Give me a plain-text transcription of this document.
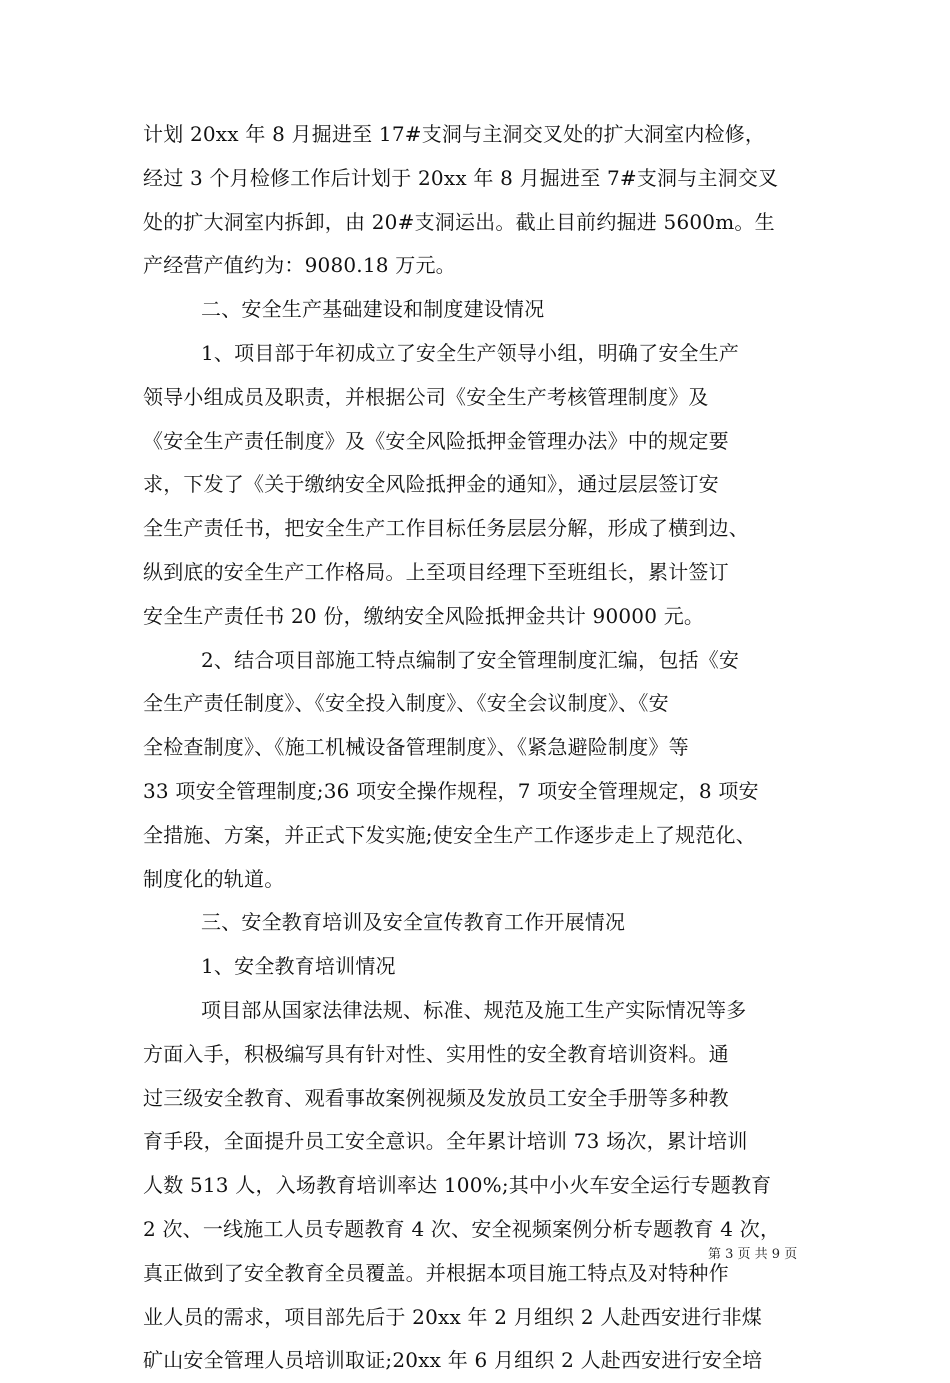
计划 20xx 年 8 月掘进至 17#支洞与主洞交叉处的扩大洞室内检修，
经过 3 个月检修工作后计划于 20xx 年 8 月掘进至 7#支洞与主洞交叉
处的扩大洞室内拆卸，由 20#支洞运出。截止目前约掘进 5600m。生
产经营产值约为：9080.18 万元。
二、安全生产基础建设和制度建设情况
1、项目部于年初成立了安全生产领导小组，明确了安全生产
领导小组成员及职责，并根据公司《安全生产考核管理制度》及
《安全生产责任制度》及《安全风险抵押金管理办法》中的规定要
求，下发了《关于缴纳安全风险抵押金的通知》，通过层层签订安
全生产责任书，把安全生产工作目标任务层层分解，形成了横到边、
纵到底的安全生产工作格局。上至项目经理下至班组长，累计签订
安全生产责任书 20 份，缴纳安全风险抵押金共计 90000 元。
2、结合项目部施工特点编制了安全管理制度汇编，包括《安
全生产责任制度》、《安全投入制度》、《安全会议制度》、《安
全检查制度》、《施工机械设备管理制度》、《紧急避险制度》等
33 项安全管理制度;36 项安全操作规程，7 项安全管理规定，8 项安
全措施、方案，并正式下发实施;使安全生产工作逐步走上了规范化、
制度化的轨道。
三、安全教育培训及安全宣传教育工作开展情况
1、安全教育培训情况
项目部从国家法律法规、标准、规范及施工生产实际情况等多
方面入手，积极编写具有针对性、实用性的安全教育培训资料。通
过三级安全教育、观看事故案例视频及发放员工安全手册等多种教
育手段，全面提升员工安全意识。全年累计培训 73 场次，累计培训
人数 513 人，入场教育培训率达 100%;其中小火车安全运行专题教育
2 次、一线施工人员专题教育 4 次、安全视频案例分析专题教育 4 次，
真正做到了安全教育全员覆盖。并根据本项目施工特点及对特种作
业人员的需求，项目部先后于 20xx 年 2 月组织 2 人赴西安进行非煤
矿山安全管理人员培训取证;20xx 年 6 月组织 2 人赴西安进行安全培
第 3 页 共 9 页
